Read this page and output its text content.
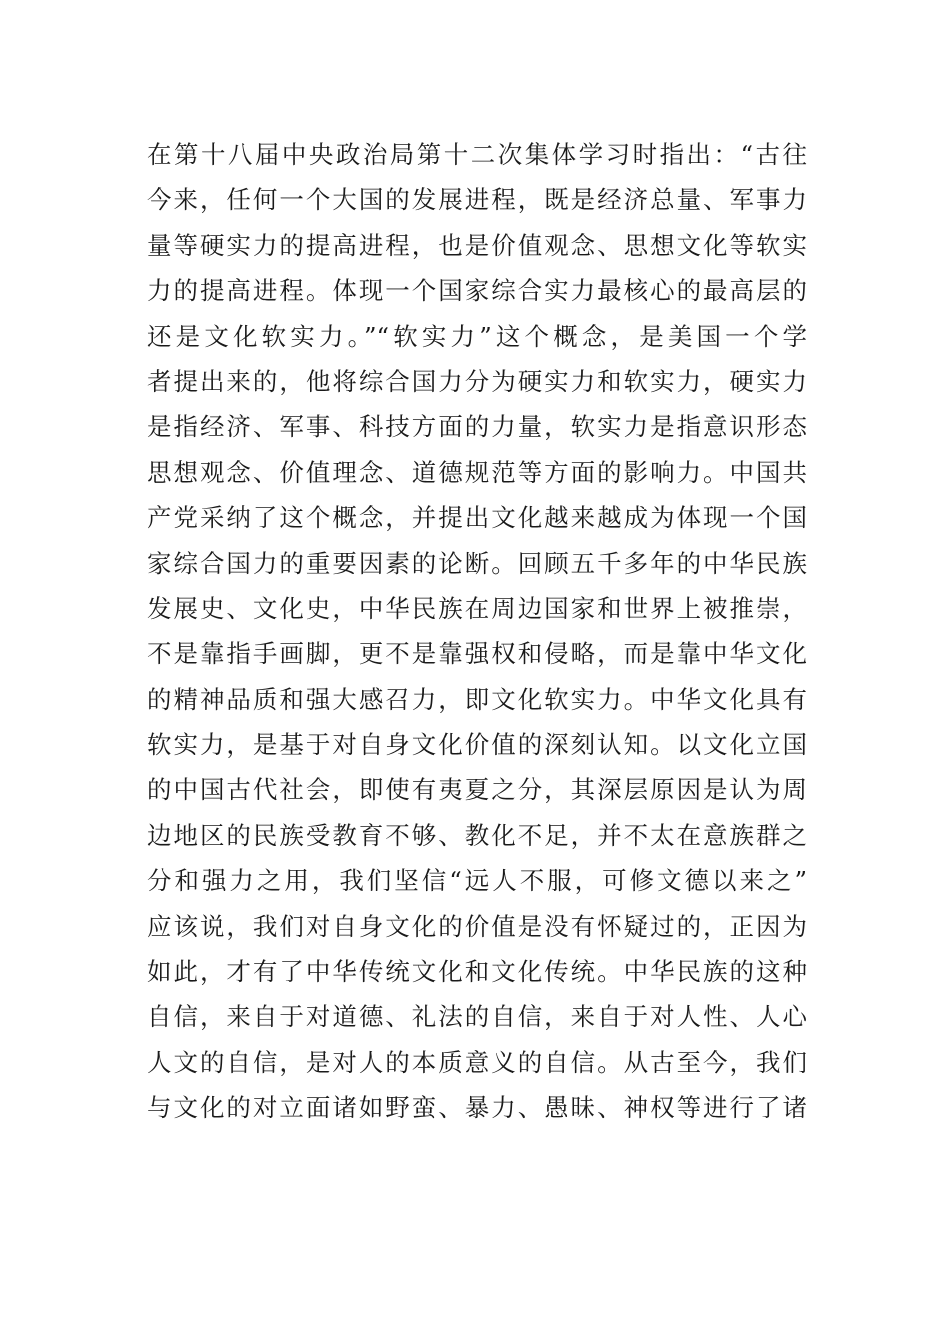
在第十八届中央政治局第十二次集体学习时指出：“古往
今来，任何一个大国的发展进程，既是经济总量、军事力
量等硬实力的提高进程，也是价值观念、思想文化等软实
力的提高进程。体现一个国家综合实力最核心的最高层的
还是文化软实力。”“软实力”这个概念，是美国一个学
者提出来的，他将综合国力分为硬实力和软实力，硬实力
是指经济、军事、科技方面的力量，软实力是指意识形态
思想观念、价值理念、道德规范等方面的影响力。中国共
产党采纳了这个概念，并提出文化越来越成为体现一个国
家综合国力的重要因素的论断。回顾五千多年的中华民族
发展史、文化史，中华民族在周边国家和世界上被推崇，
不是靠指手画脚，更不是靠强权和侵略，而是靠中华文化
的精神品质和强大感召力，即文化软实力。中华文化具有
软实力，是基于对自身文化价值的深刻认知。以文化立国
的中国古代社会，即使有夷夏之分，其深层原因是认为周
边地区的民族受教育不够、教化不足，并不太在意族群之
分和强力之用，我们坚信“远人不服，可修文德以来之”
应该说，我们对自身文化的价值是没有怀疑过的，正因为
如此，才有了中华传统文化和文化传统。中华民族的这种
自信，来自于对道德、礼法的自信，来自于对人性、人心
人文的自信，是对人的本质意义的自信。从古至今，我们
与文化的对立面诸如野蛮、暴力、愚昧、神权等进行了诸
